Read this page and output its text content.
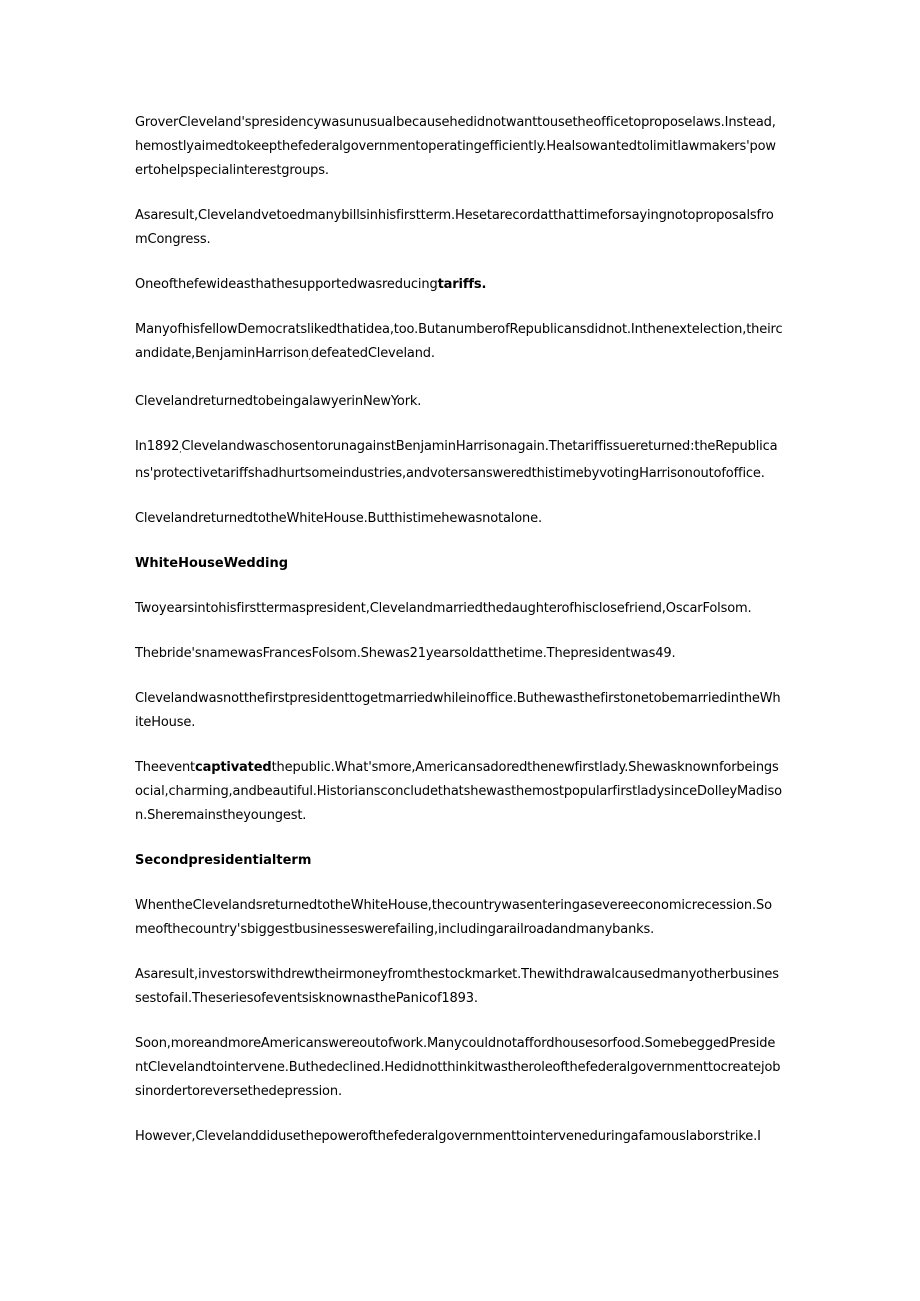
GroverCleveland'spresidencywasunusualbecausehedidnotwanttousetheofficetoproposelaws.Instead,hemostlyaimedtokeepthefederalgovernmentoperatingefficiently.Healsowantedtolimitlawmakers'powertohelpspecialinterestgroups.

Asaresult,Clevelandvetoedmanybillsinhisfirstterm.HesetarecordatthattimeforsayingnotoproposalsfromCongress.

Oneofthefewideasthathesupportedwasreducingtariffs.

ManyofhisfellowDemocratslikedthatidea,too.ButanumberofRepublicansdidnot.Inthenextelection,theircandidate,BenjaminHarriso$n_,defeatedCleveland$.

ClevelandreturnedtobeingalawyerinNewYork.

$In1892_,ClevelandwaschosentorunagainstBenjaminHarrisonagain.Thetariffissuereturned:theRepublicans'protectivetariffshadhur$tsomeindustries,andvotersansweredthistimebyvotingHarrisonoutofoffice.

ClevelandreturnedtotheWhiteHouse.Butthistimehewasnotalone.

WhiteHouseWedding

Twoyearsintohisfirsttermaspresident,Clevelandmarriedthedaughterofhisclosefriend,OscarFolsom.

Thebride'snamewasFrancesFolsom.Shewas21yearsoldatthetime.Thepresidentwas49.

Clevelandwasnotthefirstpresidenttogetmarriedwhileinoffice.ButhewasthefirstonetobemarriedintheWhiteHouse.

Theeventcaptivatedthepublic.What'smore,Americansadoredthenewfirstlady.Shewasknownforbeingsocial,charming,andbeautiful.HistoriansconcludethatshewasthemostpopularfirstladysinceDolleyMadison.Sheremainstheyoungest.

Secondpresidentialterm

WhentheClevelandsreturnedtotheWhiteHouse,thecountrywasenteringasevereeconomicrecession.Someofthecountry'sbiggestbusinesseswerefailing,includingarailroadandmanybanks.

Asaresult,investorswithdrewtheirmoneyfromthestockmarket.Thewithdrawalcausedmanyotherbusinessestofail.TheseriesofeventsisknownasthePanicof1893.

Soon,moreandmoreAmericanswereoutofwork.Manycouldnotaffordhousesorfood.SomebeggedPresidentClevelandtointervene.Buthedeclined.Hedidnotthinkitwastheroleofthefederalgovernmenttocreatejobsinordertoreversethedepression.

However,Clevelanddidusethepowerofthefederalgovernmenttointerveneduringafamouslaborstrike.I
